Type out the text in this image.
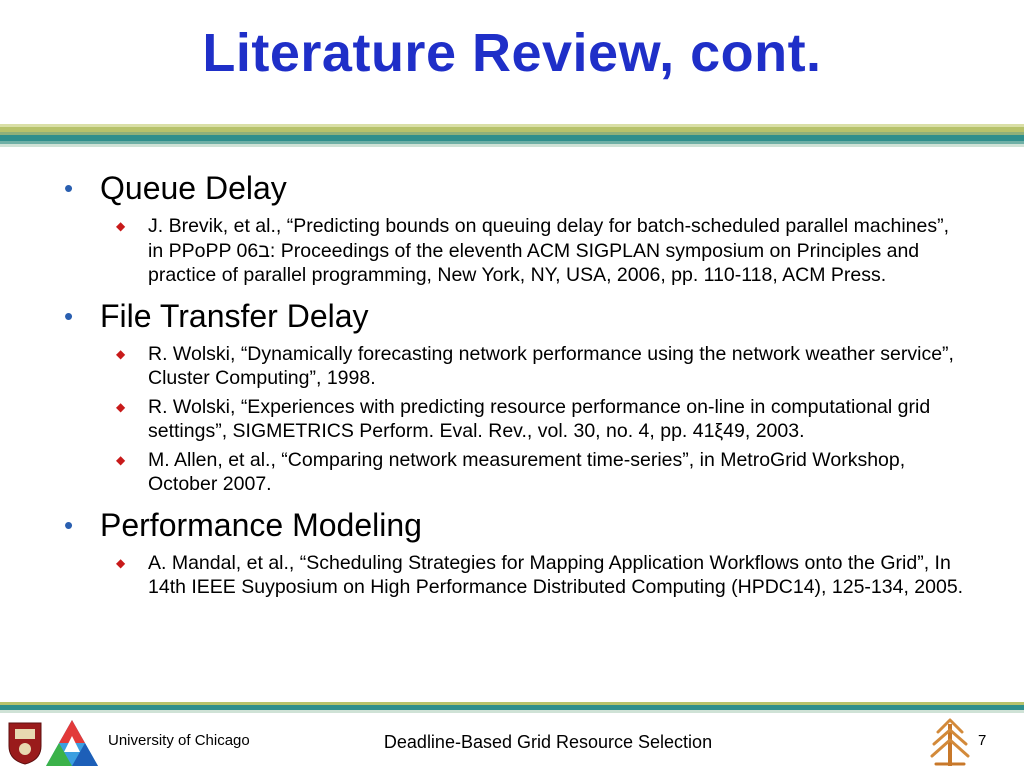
Literature Review, cont.
• Queue Delay
◆	J. Brevik, et al., “Predicting bounds on queuing delay for batch-scheduled parallel machines”, in PPoPP ב06: Proceedings of the eleventh ACM SIGPLAN symposium on Principles and practice of parallel programming, New York, NY, USA, 2006, pp. 110-118, ACM Press.
• File Transfer Delay
◆	R. Wolski, “Dynamically forecasting network performance using the network weather service”, Cluster Computing”, 1998.
◆	R. Wolski, “Experiences with predicting resource performance on-line in computational grid settings”, SIGMETRICS Perform. Eval. Rev., vol. 30, no. 4, pp. 41ξ49, 2003.
◆	M. Allen, et al., “Comparing network measurement time-series”, in MetroGrid Workshop, October 2007.
• Performance Modeling
◆	A. Mandal, et al., “Scheduling Strategies for Mapping Application Workflows onto the Grid”, In 14th IEEE Suyposium on High Performance Distributed Computing (HPDC14), 125-134, 2005.
University of Chicago	Deadline-Based Grid Resource Selection	7
